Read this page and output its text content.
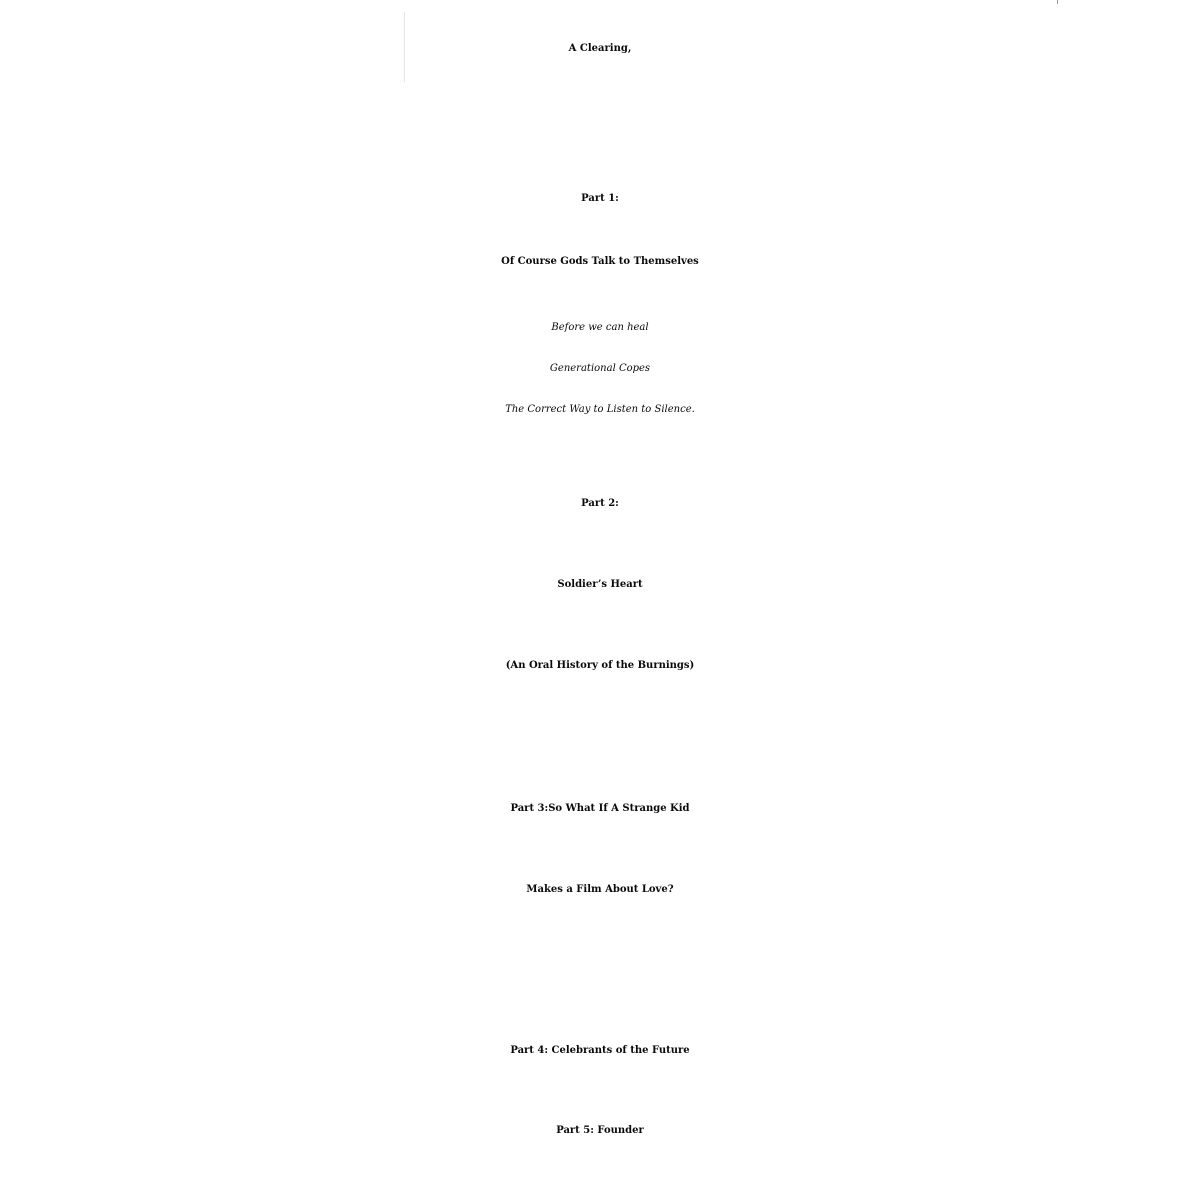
A Clearing,
Part 1:
Of Course Gods Talk to Themselves
Before we can heal
Generational Copes
The Correct Way to Listen to Silence.
Part 2:
Soldier’s Heart
(An Oral History of the Burnings)
Part 3:So What If A Strange Kid
Makes a Film About Love?
Part 4: Celebrants of the Future
Part 5: Founder
